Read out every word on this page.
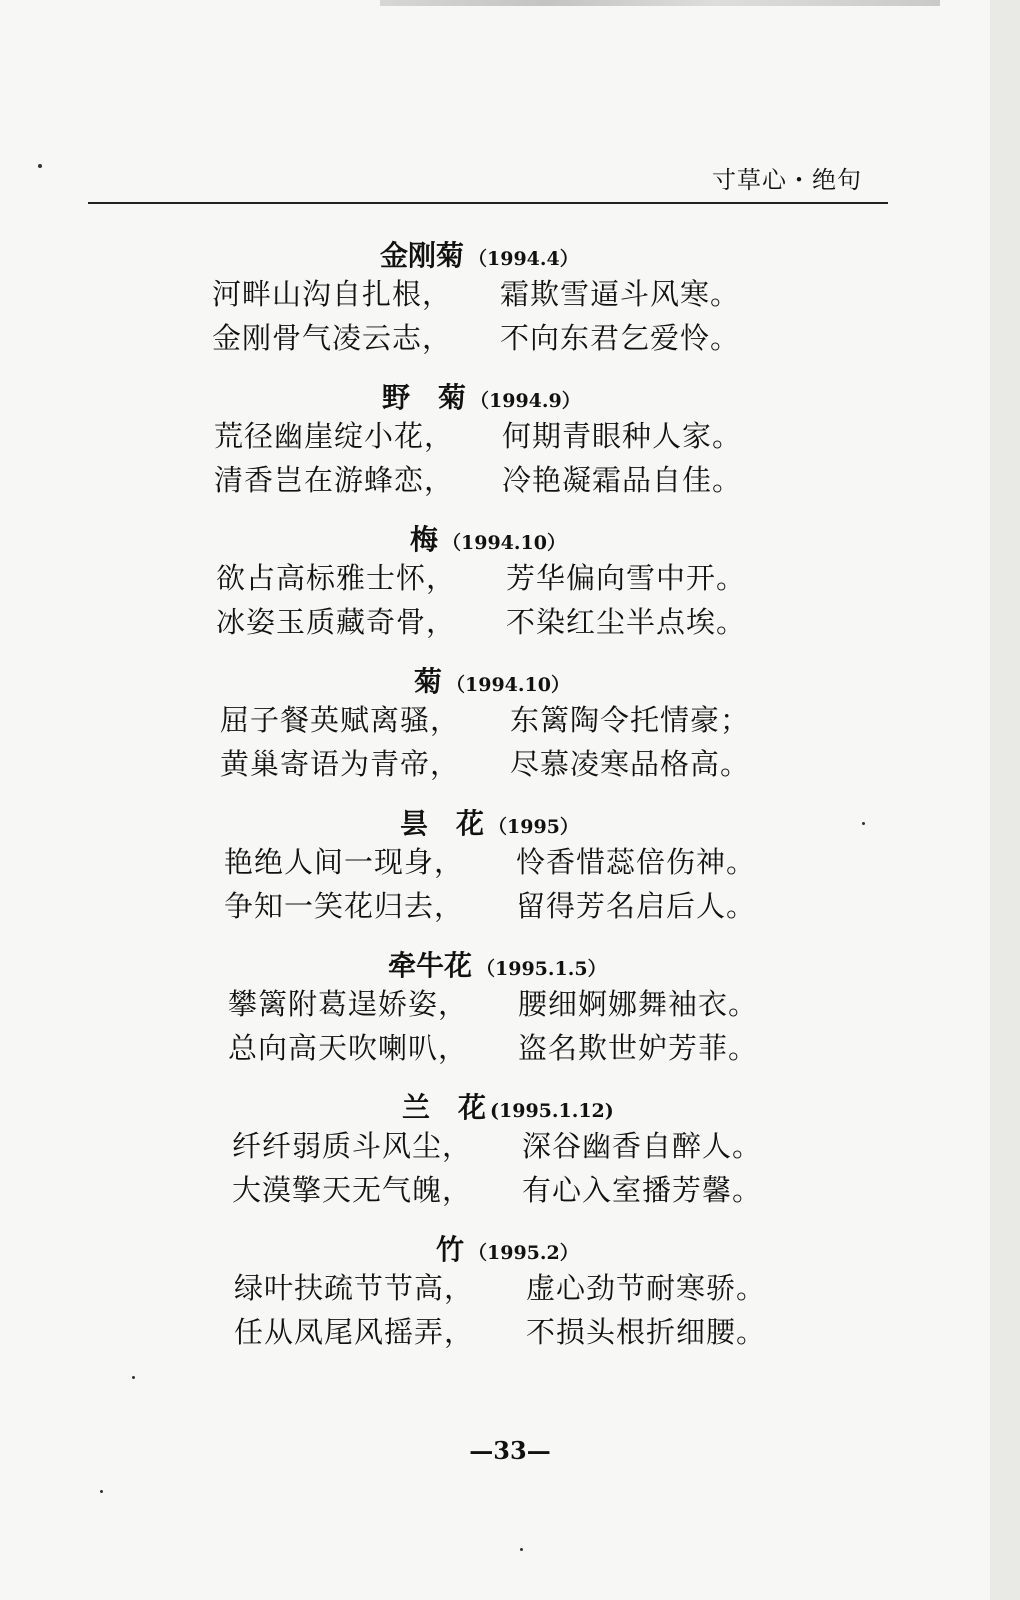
寸草心・绝句
金刚菊 （1994.4）
河畔山沟自扎根， 霜欺雪逼斗风寒。
金刚骨气凌云志， 不向东君乞爱怜。
野　菊 （1994.9）
荒径幽崖绽小花， 何期青眼种人家。
清香岂在游蜂恋， 冷艳凝霜品自佳。
梅 （1994.10）
欲占高标雅士怀， 芳华偏向雪中开。
冰姿玉质藏奇骨， 不染红尘半点埃。
菊 （1994.10）
屈子餐英赋离骚， 东篱陶令托情豪；
黄巢寄语为青帝， 尽慕凌寒品格高。
昙　花 （1995）
艳绝人间一现身， 怜香惜蕊倍伤神。
争知一笑花归去， 留得芳名启后人。
牵牛花 （1995.1.5）
攀篱附葛逞娇姿， 腰细婀娜舞袖衣。
总向高天吹喇叭， 盗名欺世妒芳菲。
兰　花 (1995.1.12)
纤纤弱质斗风尘， 深谷幽香自醉人。
大漠擎天无气魄， 有心入室播芳馨。
竹 （1995.2）
绿叶扶疏节节高， 虚心劲节耐寒骄。
任从凤尾风摇弄， 不损头根折细腰。
—33—
